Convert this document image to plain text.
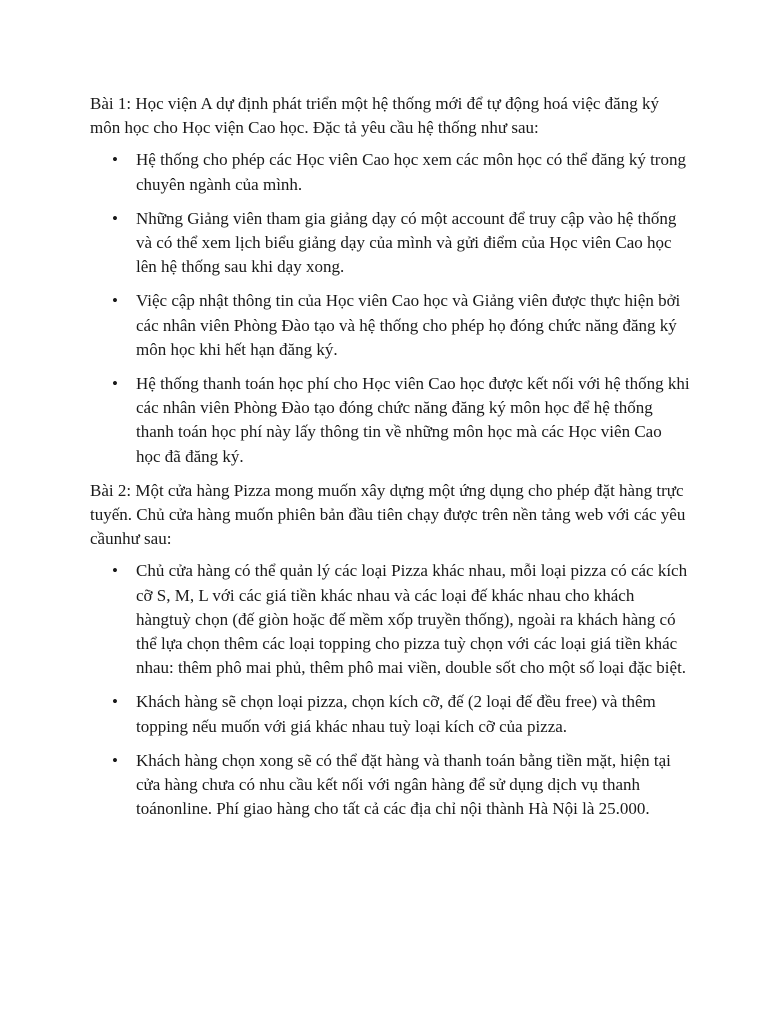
Bài 1: Học viện A dự định phát triển một hệ thống mới để tự động hoá việc đăng ký môn học cho Học viện Cao học. Đặc tả yêu cầu hệ thống như sau:

• Hệ thống cho phép các Học viên Cao học xem các môn học có thể đăng ký trong chuyên ngành của mình.
• Những Giảng viên tham gia giảng dạy có một account để truy cập vào hệ thống và có thể xem lịch biểu giảng dạy của mình và gửi điểm của Học viên Cao học lên hệ thống sau khi dạy xong.
• Việc cập nhật thông tin của Học viên Cao học và Giảng viên được thực hiện bởi các nhân viên Phòng Đào tạo và hệ thống cho phép họ đóng chức năng đăng ký môn học khi hết hạn đăng ký.
• Hệ thống thanh toán học phí cho Học viên Cao học được kết nối với hệ thống khi các nhân viên Phòng Đào tạo đóng chức năng đăng ký môn học để hệ thống thanh toán học phí này lấy thông tin về những môn học mà các Học viên Cao học đã đăng ký.

Bài 2: Một cửa hàng Pizza mong muốn xây dựng một ứng dụng cho phép đặt hàng trực tuyến. Chủ cửa hàng muốn phiên bản đầu tiên chạy được trên nền tảng web với các yêu cầunhư sau:

• Chủ cửa hàng có thể quản lý các loại Pizza khác nhau, mỗi loại pizza có các kích cỡ S, M, L với các giá tiền khác nhau và các loại đế khác nhau cho khách hàngtuỳ chọn (đế giòn hoặc đế mềm xốp truyền thống), ngoài ra khách hàng có thể lựa chọn thêm các loại topping cho pizza tuỳ chọn với các loại giá tiền khác nhau: thêm phô mai phủ, thêm phô mai viền, double sốt cho một số loại đặc biệt.
• Khách hàng sẽ chọn loại pizza, chọn kích cỡ, đế (2 loại đế đều free) và thêm topping nếu muốn với giá khác nhau tuỳ loại kích cỡ của pizza.
• Khách hàng chọn xong sẽ có thể đặt hàng và thanh toán bằng tiền mặt, hiện tại cửa hàng chưa có nhu cầu kết nối với ngân hàng để sử dụng dịch vụ thanh toánonline. Phí giao hàng cho tất cả các địa chỉ nội thành Hà Nội là 25.000.
